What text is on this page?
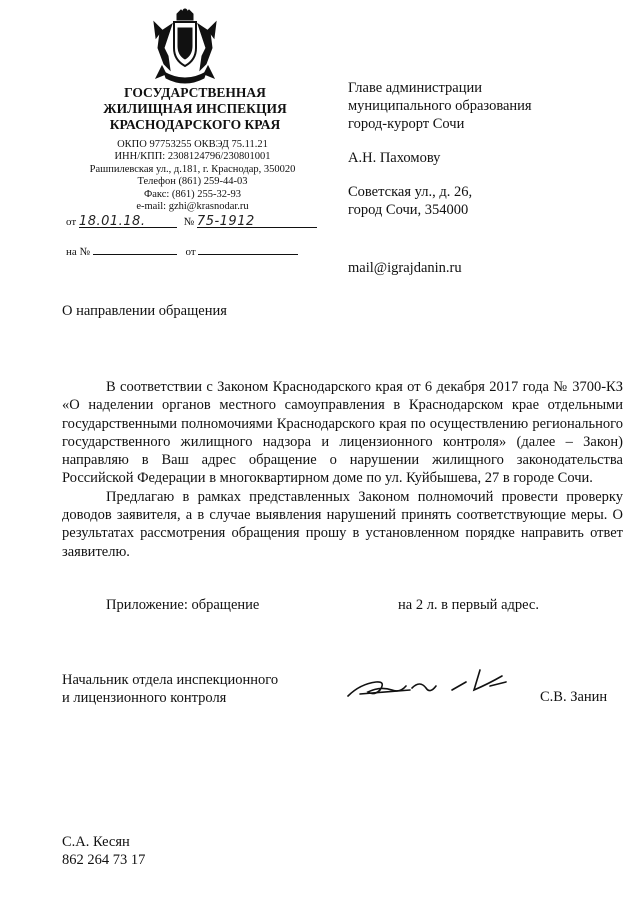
ГОСУДАРСТВЕННАЯ
ЖИЛИЩНАЯ ИНСПЕКЦИЯ
КРАСНОДАРСКОГО КРАЯ
ОКПО 97753255 ОКВЭД 75.11.21
ИНН/КПП: 2308124796/230801001
Рашпилевская ул., д.181, г. Краснодар, 350020
Телефон (861) 259-44-03
Факс: (861) 255-32-93
e-mail: gzhi@krasnodar.ru
от 18.01.18.	№ 75-1912
на №	от

Главе администрации

муниципального образования

город-курорт Сочи

А.Н. Пахомову

Советская ул., д. 26,

город Сочи, 354000

mail@igrajdanin.ru

О направлении обращения

В соответствии с Законом Краснодарского края от 6 декабря 2017 года № 3700-КЗ «О наделении органов местного самоуправления в Краснодарском крае отдельными государственными полномочиями Краснодарского края по осуществлению регионального государственного жилищного надзора и лицензионного контроля» (далее – Закон) направляю в Ваш адрес обращение о нарушении жилищного законодательства Российской Федерации в многоквартирном доме по ул. Куйбышева, 27 в городе Сочи.

Предлагаю в рамках представленных Законом полномочий провести проверку доводов заявителя, а в случае выявления нарушений принять соответствующие меры. О результатах рассмотрения обращения прошу в установленном порядке направить ответ заявителю.

Приложение: обращение	на 2 л. в первый адрес.
Начальник отдела инспекционного
и лицензионного контроля	С.В. Занин
С.А. Кесян
862 264 73 17
